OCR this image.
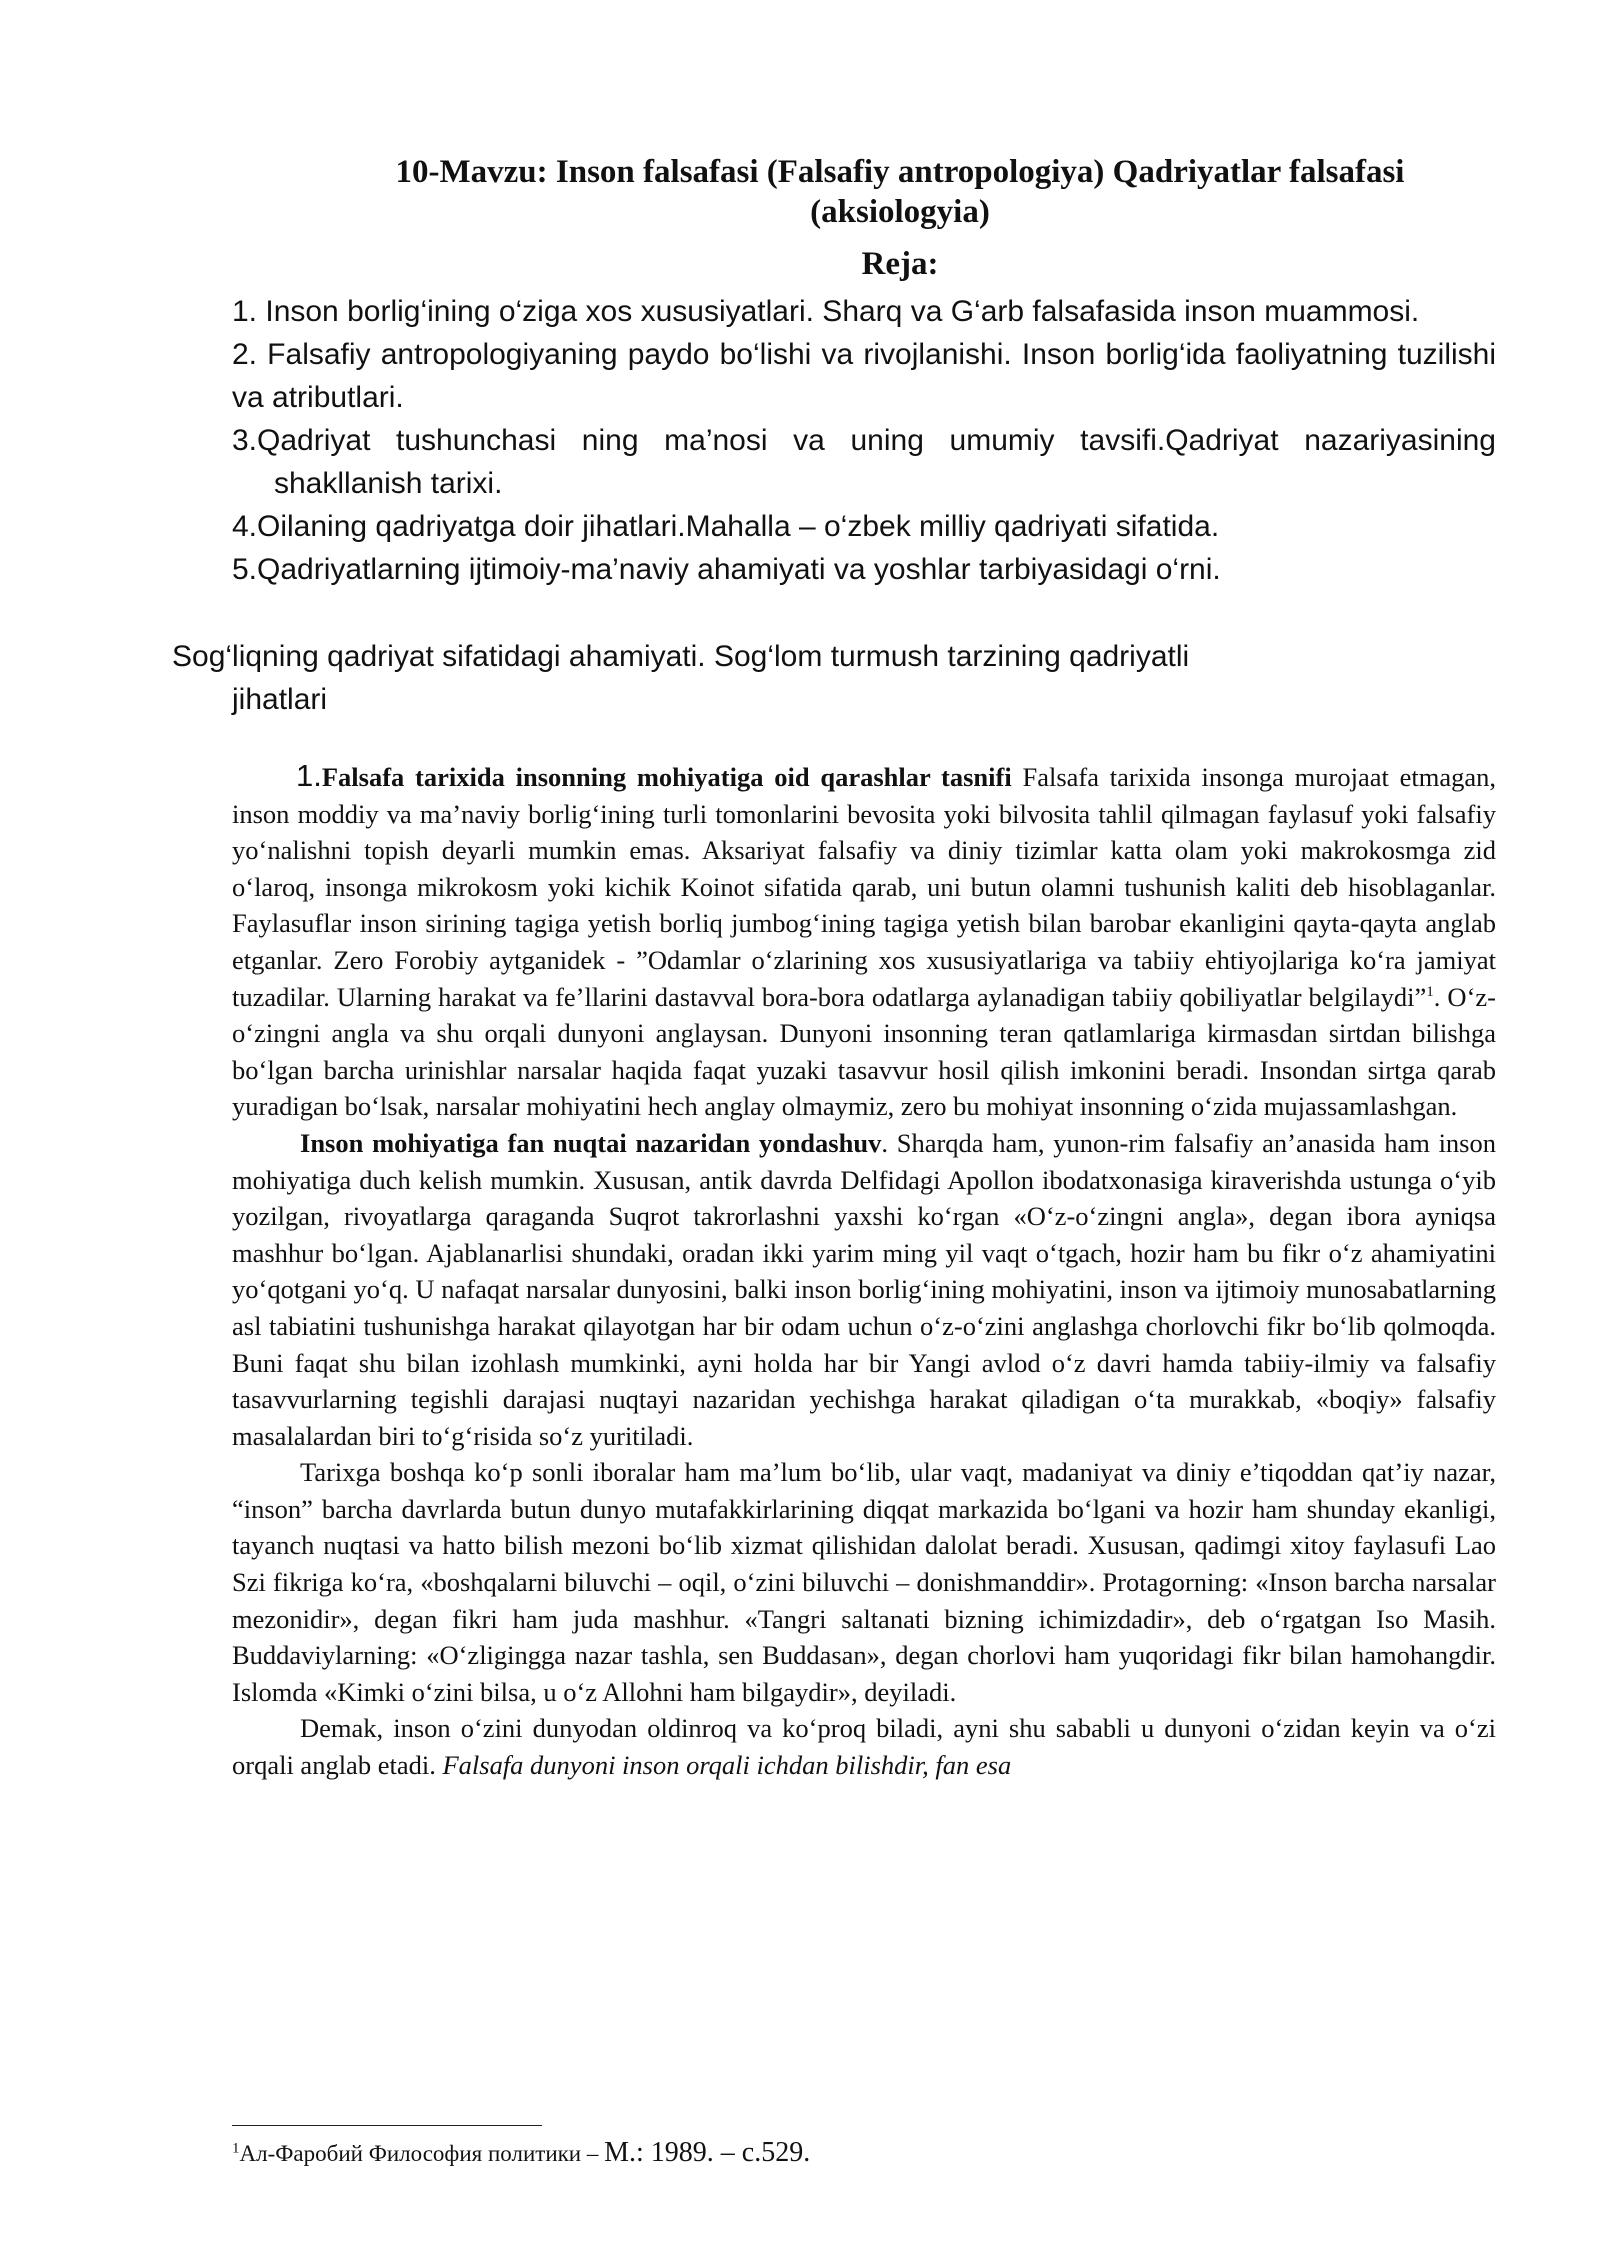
10-Mavzu: Inson falsafasi (Falsafiy antropologiya) Qadriyatlar falsafasi
(aksiologyia)
Reja:
1. Inson borlig‘ining o‘ziga xos xususiyatlari. Sharq va G‘arb falsafasida inson muammosi.
2. Falsafiy antropologiyaning paydo bo‘lishi va rivojlanishi. Inson borlig‘ida faoliyatning tuzilishi va atributlari.
3.Qadriyat tushunchasi ning ma’nosi va uning umumiy tavsifi.Qadriyat nazariyasining shakllanish tarixi.
4.Oilaning qadriyatga doir jihatlari.Mahalla – o‘zbek milliy qadriyati sifatida.
5.Qadriyatlarning ijtimoiy-ma’naviy ahamiyati va yoshlar tarbiyasidagi o‘rni.
Sog‘liqning qadriyat sifatidagi ahamiyati. Sog‘lom turmush tarzining qadriyatli
jihatlari

1.Falsafa tarixida insonning mohiyatiga oid qarashlar tasnifi Falsafa tarixida insonga murojaat etmagan, inson moddiy va ma’naviy borlig‘ining turli tomonlarini bevosita yoki bilvosita tahlil qilmagan faylasuf yoki falsafiy yo‘nalishni topish deyarli mumkin emas. Aksariyat falsafiy va diniy tizimlar katta olam yoki makrokosmga zid o‘laroq, insonga mikrokosm yoki kichik Koinot sifatida qarab, uni butun olamni tushunish kaliti deb hisoblaganlar. Faylasuflar inson sirining tagiga yetish borliq jumbog‘ining tagiga yetish bilan barobar ekanligini qayta-qayta anglab etganlar. Zero Forobiy aytganidek - ”Odamlar o‘zlarining xos xususiyatlariga va tabiiy ehtiyojlariga ko‘ra jamiyat tuzadilar. Ularning harakat va fe’llarini dastavval bora-bora odatlarga aylanadigan tabiiy qobiliyatlar belgilaydi”$^1$. O‘z-o‘zingni angla va shu orqali dunyoni anglaysan. Dunyoni insonning teran qatlamlariga kirmasdan sirtdan bilishga bo‘lgan barcha urinishlar narsalar haqida faqat yuzaki tasavvur hosil qilish imkonini beradi. Insondan sirtga qarab yuradigan bo‘lsak, narsalar mohiyatini hech anglay olmaymiz, zero bu mohiyat insonning o‘zida mujassamlashgan.

Inson mohiyatiga fan nuqtai nazaridan yondashuv. Sharqda ham, yunon-rim falsafiy an’anasida ham inson mohiyatiga duch kelish mumkin. Xususan, antik davrda Delfidagi Apollon ibodatxonasiga kiraverishda ustunga o‘yib yozilgan, rivoyatlarga qaraganda Suqrot takrorlashni yaxshi ko‘rgan «O‘z-o‘zingni angla», degan ibora ayniqsa mashhur bo‘lgan. Ajablanarlisi shundaki, oradan ikki yarim ming yil vaqt o‘tgach, hozir ham bu fikr o‘z ahamiyatini yo‘qotgani yo‘q. U nafaqat narsalar dunyosini, balki inson borlig‘ining mohiyatini, inson va ijtimoiy munosabatlarning asl tabiatini tushunishga harakat qilayotgan har bir odam uchun o‘z-o‘zini anglashga chorlovchi fikr bo‘lib qolmoqda. Buni faqat shu bilan izohlash mumkinki, ayni holda har bir Yangi avlod o‘z davri hamda tabiiy-ilmiy va falsafiy tasavvurlarning tegishli darajasi nuqtayi nazaridan yechishga harakat qiladigan o‘ta murakkab, «boqiy» falsafiy masalalardan biri to‘g‘risida so‘z yuritiladi.

Tarixga boshqa ko‘p sonli iboralar ham ma’lum bo‘lib, ular vaqt, madaniyat va diniy e’tiqoddan qat’iy nazar, “inson” barcha davrlarda butun dunyo mutafakkirlarining diqqat markazida bo‘lgani va hozir ham shunday ekanligi, tayanch nuqtasi va hatto bilish mezoni bo‘lib xizmat qilishidan dalolat beradi. Xususan, qadimgi xitoy faylasufi Lao Szi fikriga ko‘ra, «boshqalarni biluvchi – oqil, o‘zini biluvchi – donishmanddir». Protagorning: «Inson barcha narsalar mezonidir», degan fikri ham juda mashhur. «Tangri saltanati bizning ichimizdadir», deb o‘rgatgan Iso Masih. Buddaviylarning: «O‘zligingga nazar tashla, sen Buddasan», degan chorlovi ham yuqoridagi fikr bilan hamohangdir. Islomda «Kimki o‘zini bilsa, u o‘z Allohni ham bilgaydir», deyiladi.

Demak, inson o‘zini dunyodan oldinroq va ko‘proq biladi, ayni shu sababli u dunyoni o‘zidan keyin va o‘zi orqali anglab etadi. Falsafa dunyoni inson orqali ichdan bilishdir, fan esa

$^1$Ал-Фаробий Философия политики – М.: 1989. – с.529.
